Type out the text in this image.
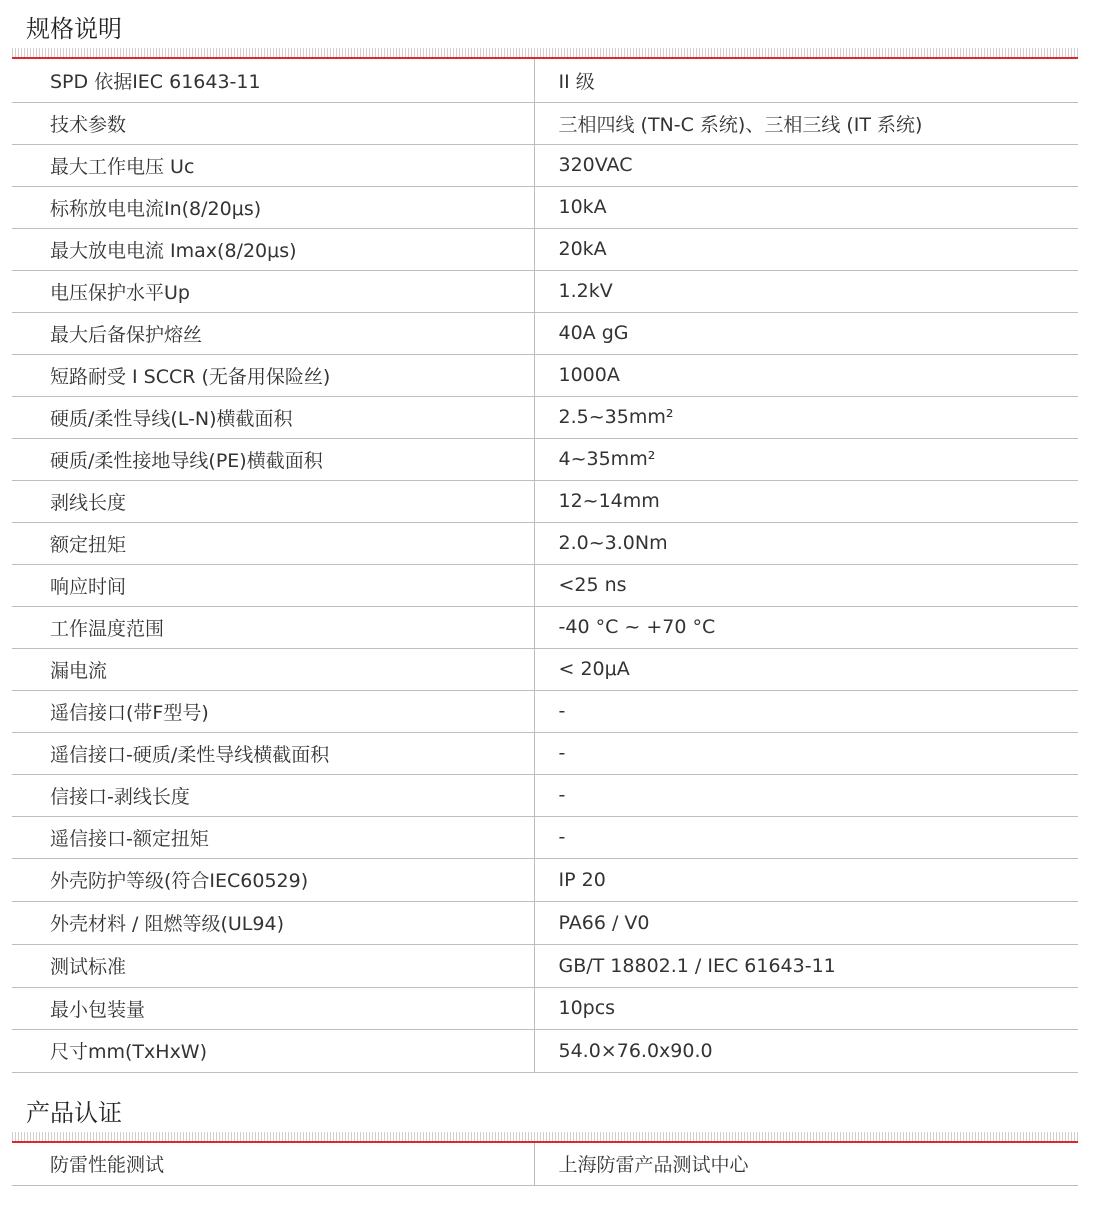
规格说明
SPD 依据IEC 61643-11	II 级
技术参数	三相四线 (TN-C 系统)、三相三线 (IT 系统)
最大工作电压 Uc	320VAC
标称放电电流In(8/20μs)	10kA
最大放电电流 Imax(8/20μs)	20kA
电压保护水平Up	1.2kV
最大后备保护熔丝	40A gG
短路耐受 I SCCR (无备用保险丝)	1000A
硬质/柔性导线(L-N)横截面积	2.5~35mm²
硬质/柔性接地导线(PE)横截面积	4~35mm²
剥线长度	12~14mm
额定扭矩	2.0~3.0Nm
响应时间	<25 ns
工作温度范围	-40 °C ~ +70 °C
漏电流	< 20μA
遥信接口(带F型号)	-
遥信接口-硬质/柔性导线横截面积	-
信接口-剥线长度	-
遥信接口-额定扭矩	-
外壳防护等级(符合IEC60529)	IP 20
外壳材料 / 阻燃等级(UL94)	PA66 / V0
测试标准	GB/T 18802.1 / IEC 61643-11
最小包装量	10pcs
尺寸mm(TxHxW)	54.0×76.0x90.0
产品认证
防雷性能测试	上海防雷产品测试中心
